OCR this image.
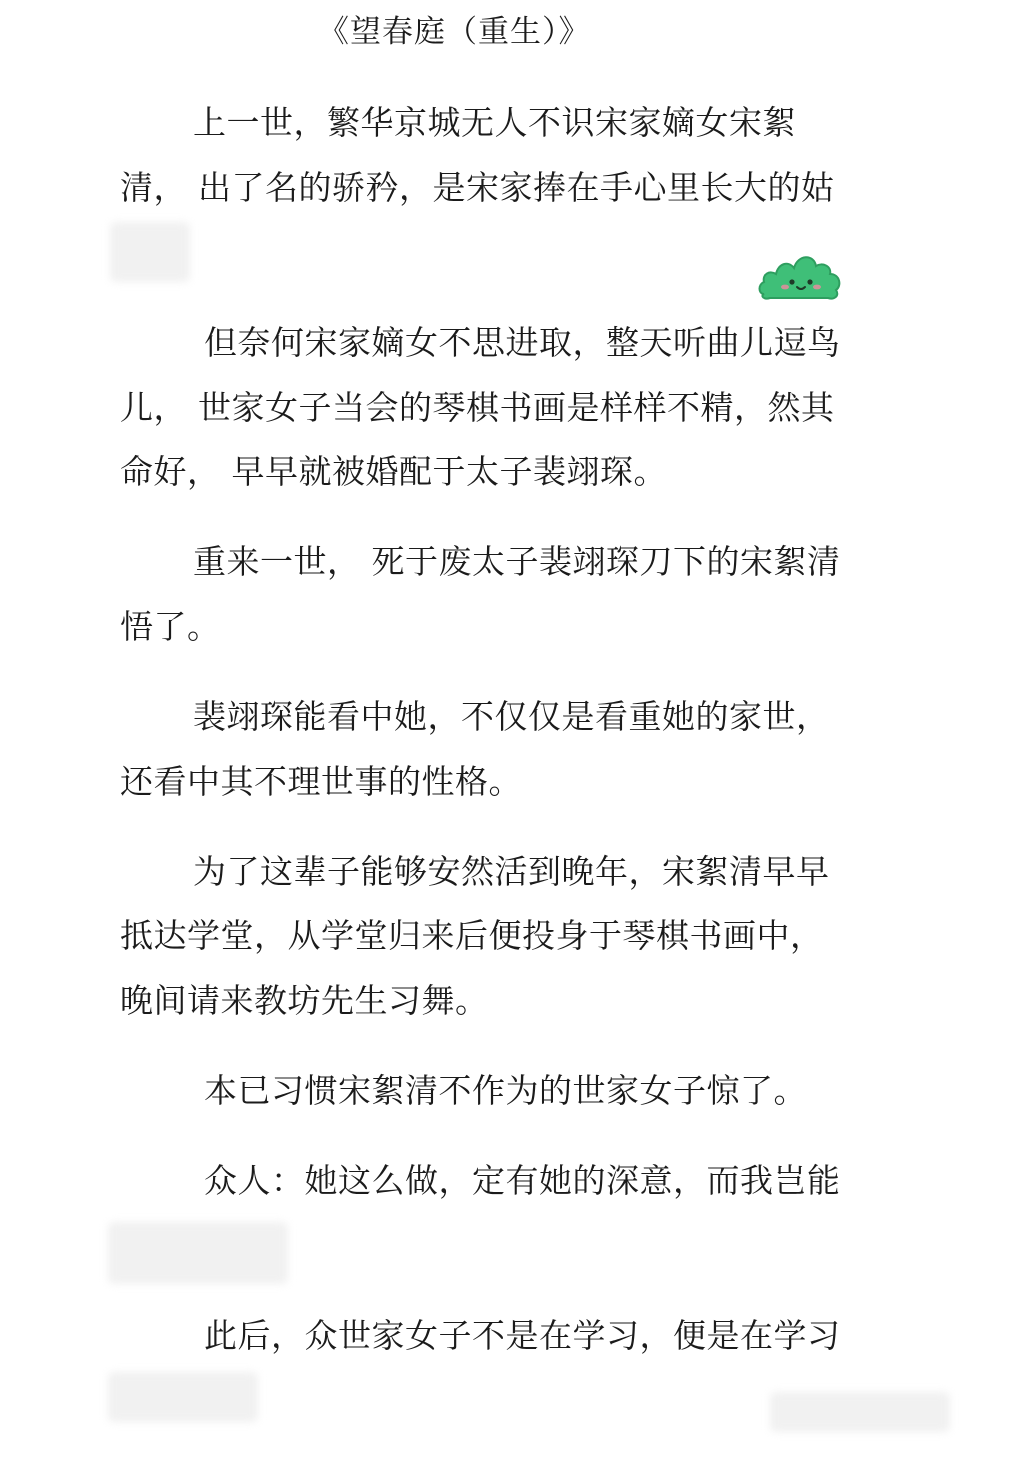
《望春庭（重生）》
上一世，繁华京城无人不识宋家嫡女宋絮
清， 出了名的骄矜，是宋家捧在手心里长大的姑
但奈何宋家嫡女不思进取，整天听曲儿逗鸟
儿， 世家女子当会的琴棋书画是样样不精，然其
命好， 早早就被婚配于太子裴翊琛。
重来一世， 死于废太子裴翊琛刀下的宋絮清
悟了。
裴翊琛能看中她，不仅仅是看重她的家世，
还看中其不理世事的性格。
为了这辈子能够安然活到晚年，宋絮清早早
抵达学堂，从学堂归来后便投身于琴棋书画中，
晚间请来教坊先生习舞。
本已习惯宋絮清不作为的世家女子惊了。
众人：她这么做，定有她的深意，而我岂能
此后，众世家女子不是在学习，便是在学习
